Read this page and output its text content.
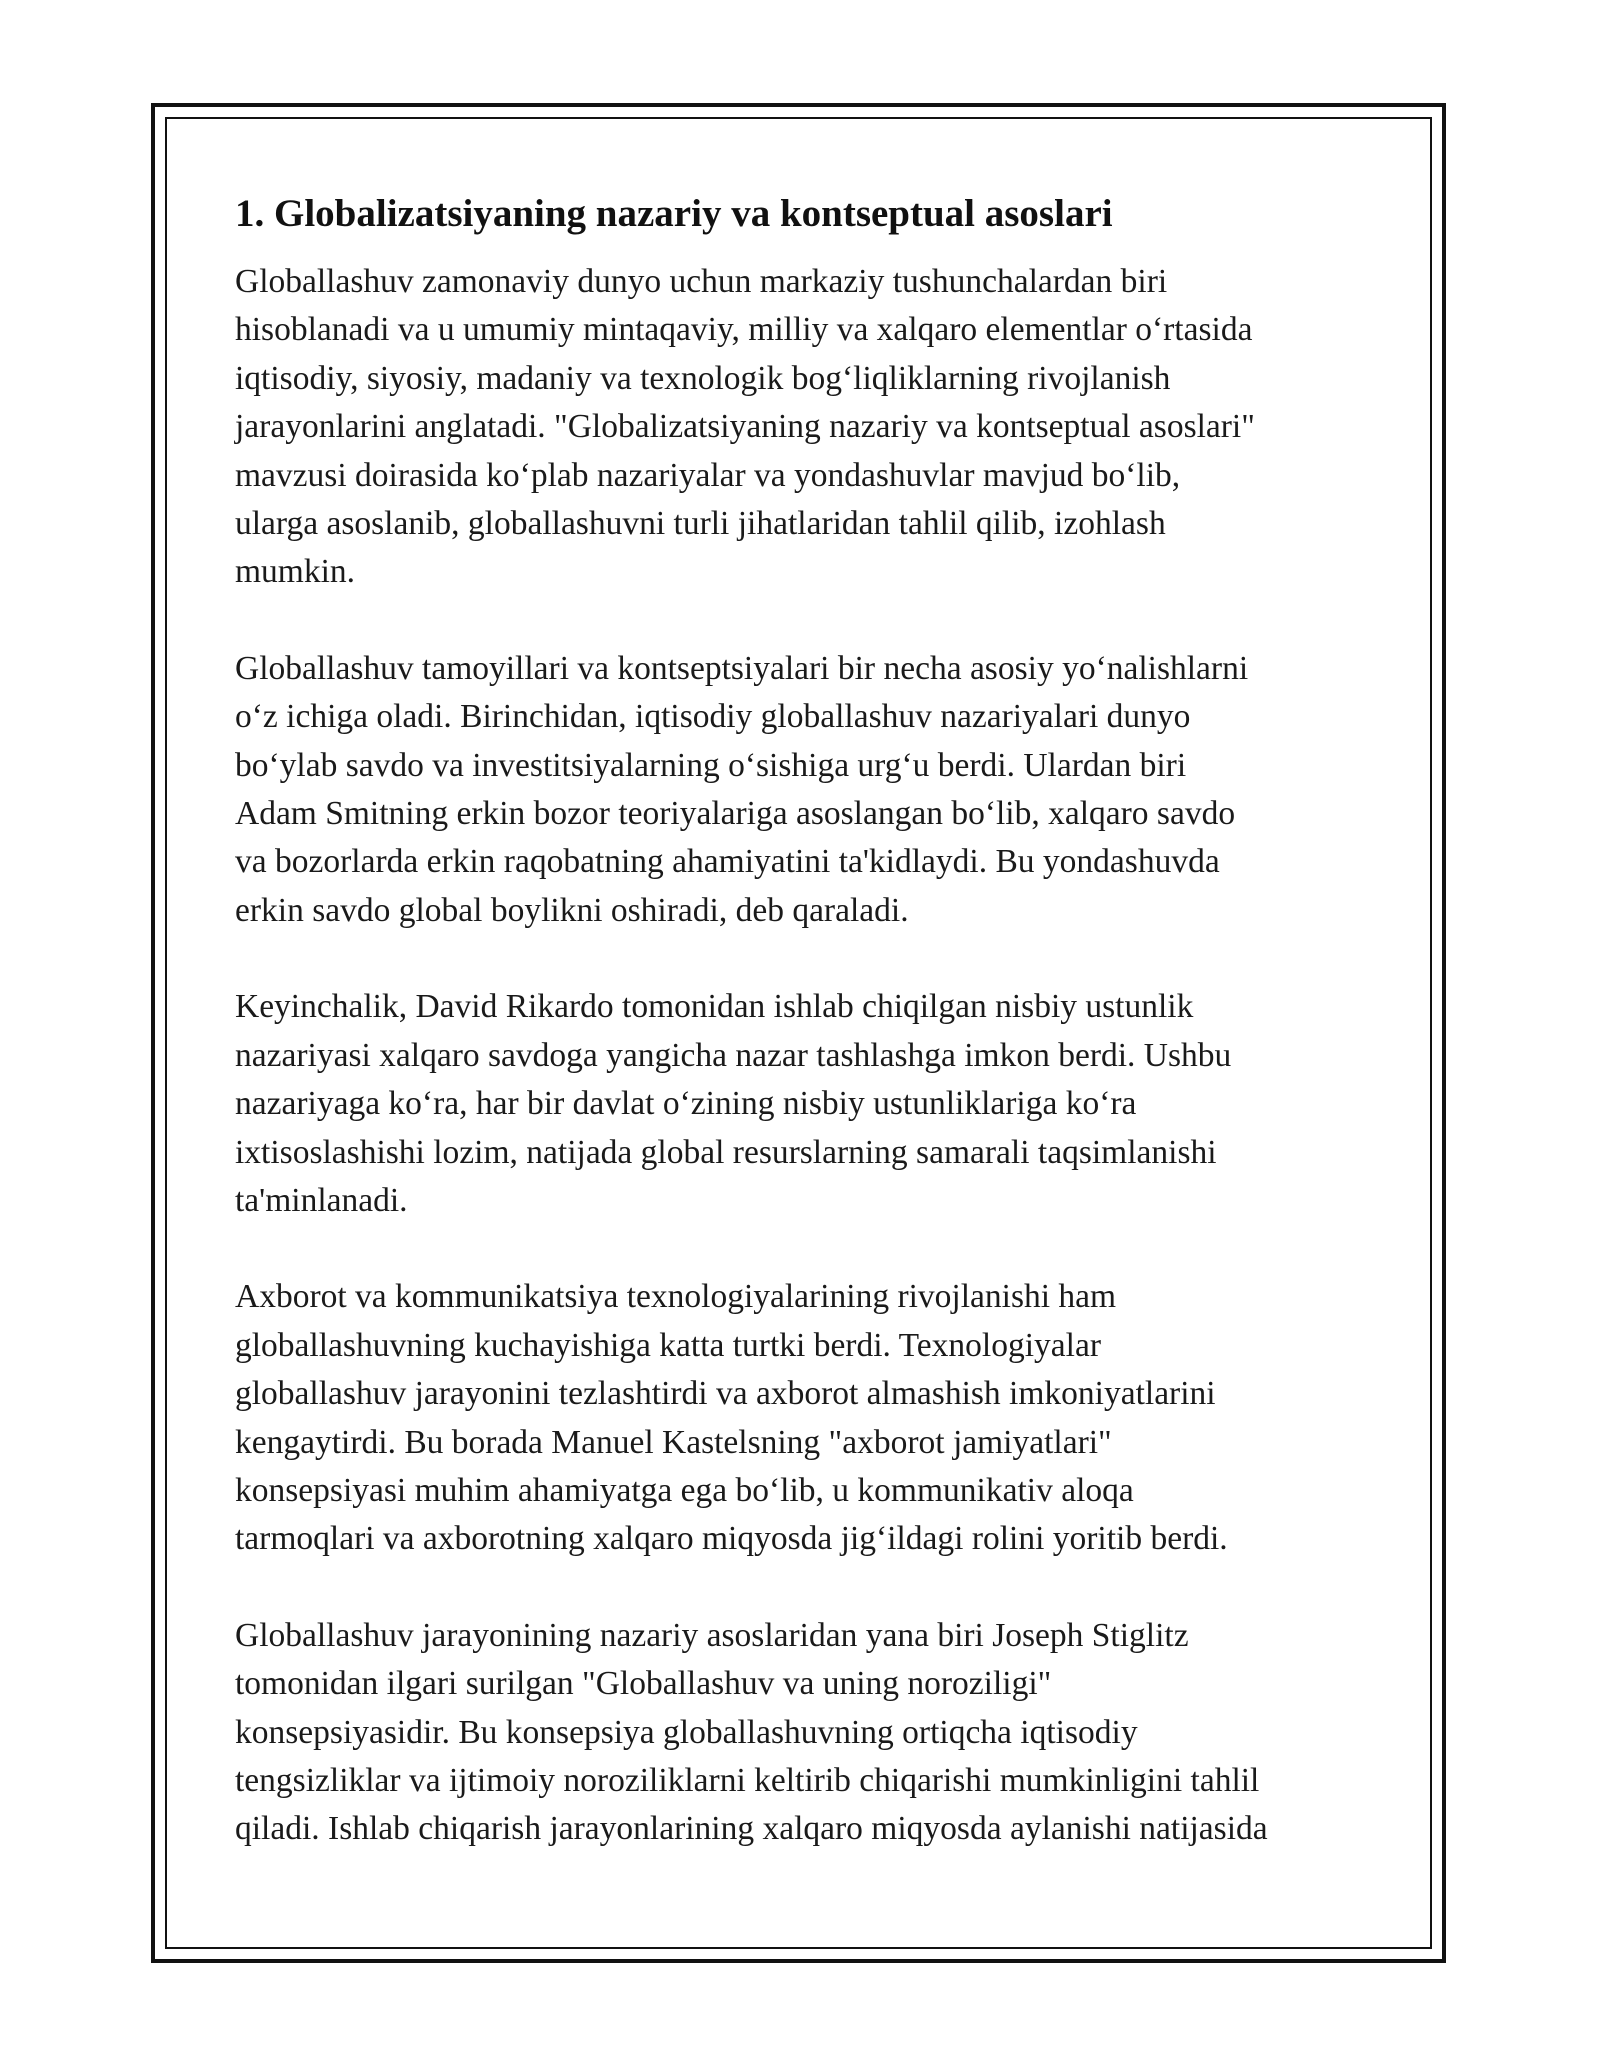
1. Globalizatsiyaning nazariy va kontseptual asoslari
Globallashuv zamonaviy dunyo uchun markaziy tushunchalardan biri
hisoblanadi va u umumiy mintaqaviy, milliy va xalqaro elementlar oʻrtasida
iqtisodiy, siyosiy, madaniy va texnologik bogʻliqliklarning rivojlanish
jarayonlarini anglatadi. "Globalizatsiyaning nazariy va kontseptual asoslari"
mavzusi doirasida koʻplab nazariyalar va yondashuvlar mavjud boʻlib,
ularga asoslanib, globallashuvni turli jihatlaridan tahlil qilib, izohlash
mumkin.
Globallashuv tamoyillari va kontseptsiyalari bir necha asosiy yoʻnalishlarni
oʻz ichiga oladi. Birinchidan, iqtisodiy globallashuv nazariyalari dunyo
boʻylab savdo va investitsiyalarning oʻsishiga urgʻu berdi. Ulardan biri
Adam Smitning erkin bozor teoriyalariga asoslangan boʻlib, xalqaro savdo
va bozorlarda erkin raqobatning ahamiyatini ta'kidlaydi. Bu yondashuvda
erkin savdo global boylikni oshiradi, deb qaraladi.
Keyinchalik, David Rikardo tomonidan ishlab chiqilgan nisbiy ustunlik
nazariyasi xalqaro savdoga yangicha nazar tashlashga imkon berdi. Ushbu
nazariyaga koʻra, har bir davlat oʻzining nisbiy ustunliklariga koʻra
ixtisoslashishi lozim, natijada global resurslarning samarali taqsimlanishi
ta'minlanadi.
Axborot va kommunikatsiya texnologiyalarining rivojlanishi ham
globallashuvning kuchayishiga katta turtki berdi. Texnologiyalar
globallashuv jarayonini tezlashtirdi va axborot almashish imkoniyatlarini
kengaytirdi. Bu borada Manuel Kastelsning "axborot jamiyatlari"
konsepsiyasi muhim ahamiyatga ega boʻlib, u kommunikativ aloqa
tarmoqlari va axborotning xalqaro miqyosda jigʻildagi rolini yoritib berdi.
Globallashuv jarayonining nazariy asoslaridan yana biri Joseph Stiglitz
tomonidan ilgari surilgan "Globallashuv va uning noroziligi"
konsepsiyasidir. Bu konsepsiya globallashuvning ortiqcha iqtisodiy
tengsizliklar va ijtimoiy noroziliklarni keltirib chiqarishi mumkinligini tahlil
qiladi. Ishlab chiqarish jarayonlarining xalqaro miqyosda aylanishi natijasida
